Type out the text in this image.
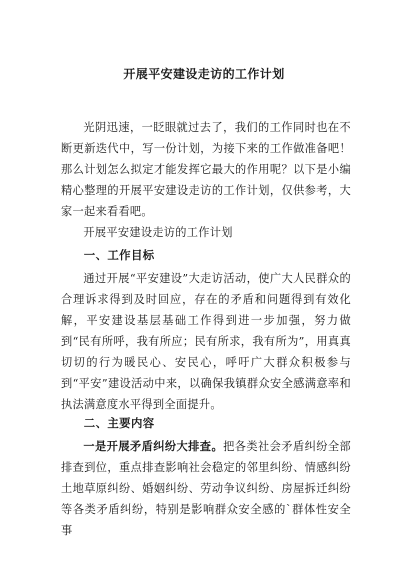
开展平安建设走访的工作计划

光阴迅速，一眨眼就过去了，我们的工作同时也在不断更新迭代中，写一份计划，为接下来的工作做准备吧！那么计划怎么拟定才能发挥它最大的作用呢？以下是小编精心整理的开展平安建设走访的工作计划，仅供参考，大家一起来看看吧。

开展平安建设走访的工作计划

一、工作目标

通过开展“平安建设”大走访活动，使广大人民群众的合理诉求得到及时回应，存在的矛盾和问题得到有效化解，平安建设基层基础工作得到进一步加强，努力做到“民有所呼，我有所应；民有所求，我有所为”，用真真切切的行为暖民心、安民心，呼吁广大群众积极参与到“平安”建设活动中来，以确保我镇群众安全感满意率和执法满意度水平得到全面提升。

二、主要内容

一是开展矛盾纠纷大排查。把各类社会矛盾纠纷全部排查到位，重点排查影响社会稳定的邻里纠纷、情感纠纷土地草原纠纷、婚姻纠纷、劳动争议纠纷、房屋拆迁纠纷等各类矛盾纠纷，特别是影响群众安全感的`群体性安全事
